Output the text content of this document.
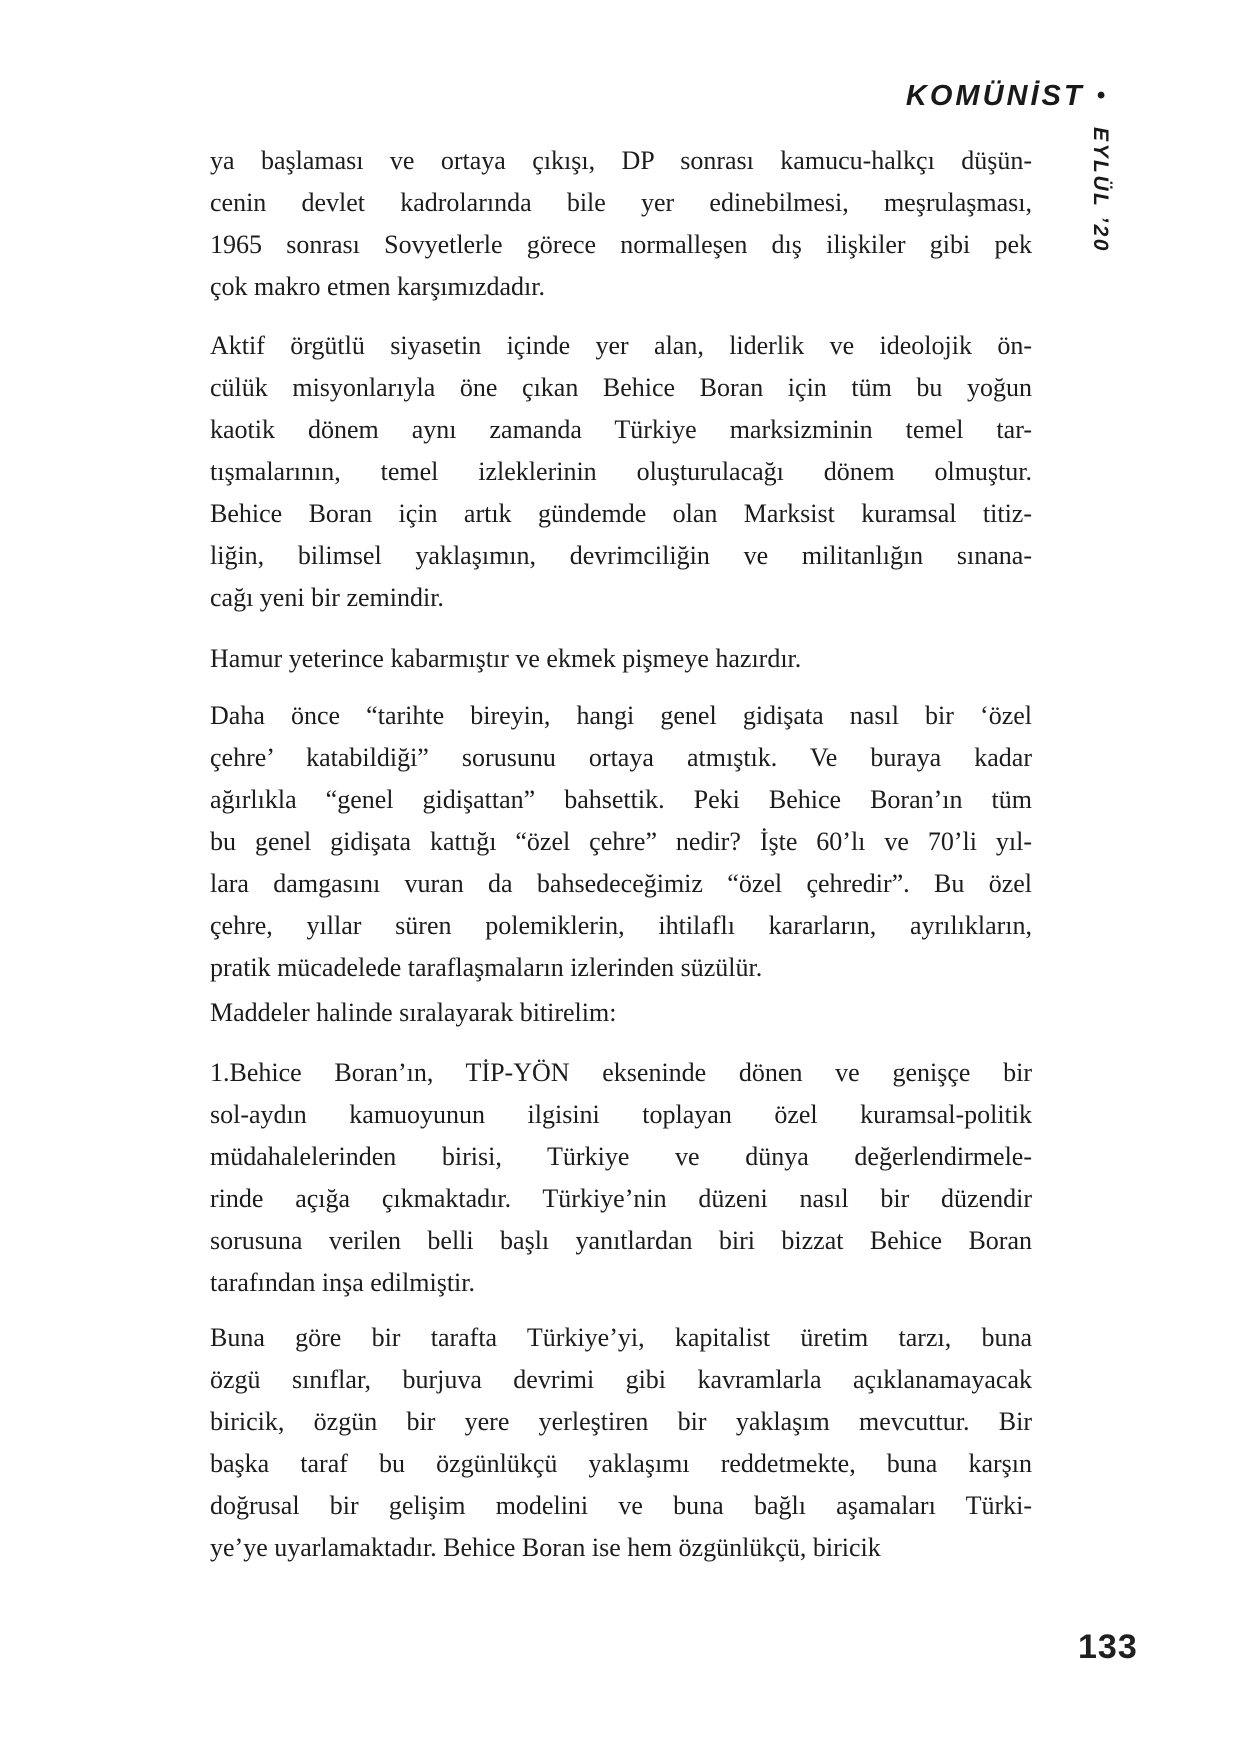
KOMÜNİST •
EYLÜL ’20
ya başlaması ve ortaya çıkışı, DP sonrası kamucu-halkçı düşün-
cenin devlet kadrolarında bile yer edinebilmesi, meşrulaşması,
1965 sonrası Sovyetlerle görece normalleşen dış ilişkiler gibi pek
çok makro etmen karşımızdadır.
Aktif örgütlü siyasetin içinde yer alan, liderlik ve ideolojik ön-
cülük misyonlarıyla öne çıkan Behice Boran için tüm bu yoğun
kaotik dönem aynı zamanda Türkiye marksizminin temel tar-
tışmalarının, temel izleklerinin oluşturulacağı dönem olmuştur.
Behice Boran için artık gündemde olan Marksist kuramsal titiz-
liğin, bilimsel yaklaşımın, devrimciliğin ve militanlığın sınana-
cağı yeni bir zemindir.
Hamur yeterince kabarmıştır ve ekmek pişmeye hazırdır.
Daha önce “tarihte bireyin, hangi genel gidişata nasıl bir ‘özel
çehre’ katabildiği” sorusunu ortaya atmıştık. Ve buraya kadar
ağırlıkla “genel gidişattan” bahsettik. Peki Behice Boran’ın tüm
bu genel gidişata kattığı “özel çehre” nedir? İşte 60’lı ve 70’li yıl-
lara damgasını vuran da bahsedeceğimiz “özel çehredir”. Bu özel
çehre, yıllar süren polemiklerin, ihtilaflı kararların, ayrılıkların,
pratik mücadelede taraflaşmaların izlerinden süzülür.
Maddeler halinde sıralayarak bitirelim:
1.Behice Boran’ın, TİP-YÖN ekseninde dönen ve genişçe bir
sol-aydın kamuoyunun ilgisini toplayan özel kuramsal-politik
müdahalelerinden birisi, Türkiye ve dünya değerlendirmele-
rinde açığa çıkmaktadır. Türkiye’nin düzeni nasıl bir düzendir
sorusuna verilen belli başlı yanıtlardan biri bizzat Behice Boran
tarafından inşa edilmiştir.
Buna göre bir tarafta Türkiye’yi, kapitalist üretim tarzı, buna
özgü sınıflar, burjuva devrimi gibi kavramlarla açıklanamayacak
biricik, özgün bir yere yerleştiren bir yaklaşım mevcuttur. Bir
başka taraf bu özgünlükçü yaklaşımı reddetmekte, buna karşın
doğrusal bir gelişim modelini ve buna bağlı aşamaları Türki-
ye’ye uyarlamaktadır. Behice Boran ise hem özgünlükçü, biricik
133
